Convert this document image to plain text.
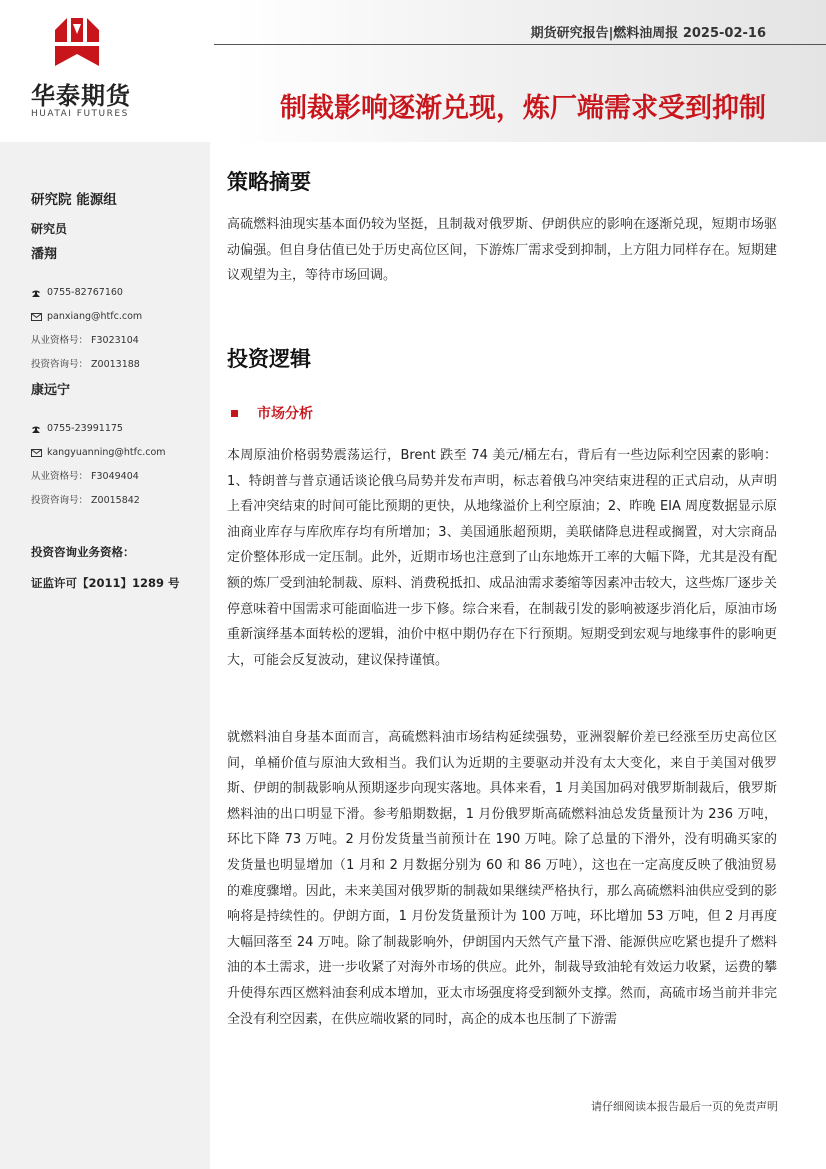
华泰期货
HUATAI FUTURES
期货研究报告|燃料油周报 2025-02-16
制裁影响逐渐兑现，炼厂端需求受到抑制
研究院 能源组
研究员
潘翔
0755-82767160
panxiang@htfc.com
从业资格号： F3023104
投资咨询号： Z0013188
康远宁
0755-23991175
kangyuanning@htfc.com
从业资格号： F3049404
投资咨询号： Z0015842
投资咨询业务资格：
证监许可【2011】1289 号
策略摘要
高硫燃料油现实基本面仍较为坚挺，且制裁对俄罗斯、伊朗供应的影响在逐渐兑现，短期市场驱动偏强。但自身估值已处于历史高位区间，下游炼厂需求受到抑制，上方阻力同样存在。短期建议观望为主，等待市场回调。
投资逻辑
市场分析
本周原油价格弱势震荡运行，Brent 跌至 74 美元/桶左右，背后有一些边际利空因素的影响：1、特朗普与普京通话谈论俄乌局势并发布声明，标志着俄乌冲突结束进程的正式启动，从声明上看冲突结束的时间可能比预期的更快，从地缘溢价上利空原油；2、昨晚 EIA 周度数据显示原油商业库存与库欣库存均有所增加；3、美国通胀超预期，美联储降息进程或搁置，对大宗商品定价整体形成一定压制。此外，近期市场也注意到了山东地炼开工率的大幅下降，尤其是没有配额的炼厂受到油轮制裁、原料、消费税抵扣、成品油需求萎缩等因素冲击较大，这些炼厂逐步关停意味着中国需求可能面临进一步下修。综合来看，在制裁引发的影响被逐步消化后，原油市场重新演绎基本面转松的逻辑，油价中枢中期仍存在下行预期。短期受到宏观与地缘事件的影响更大，可能会反复波动，建议保持谨慎。
就燃料油自身基本面而言，高硫燃料油市场结构延续强势，亚洲裂解价差已经涨至历史高位区间，单桶价值与原油大致相当。我们认为近期的主要驱动并没有太大变化，来自于美国对俄罗斯、伊朗的制裁影响从预期逐步向现实落地。具体来看，1 月美国加码对俄罗斯制裁后，俄罗斯燃料油的出口明显下滑。参考船期数据，1 月份俄罗斯高硫燃料油总发货量预计为 236 万吨，环比下降 73 万吨。2 月份发货量当前预计在 190 万吨。除了总量的下滑外，没有明确买家的发货量也明显增加（1 月和 2 月数据分别为 60 和 86 万吨），这也在一定高度反映了俄油贸易的难度骤增。因此，未来美国对俄罗斯的制裁如果继续严格执行，那么高硫燃料油供应受到的影响将是持续性的。伊朗方面，1 月份发货量预计为 100 万吨，环比增加 53 万吨，但 2 月再度大幅回落至 24 万吨。除了制裁影响外，伊朗国内天然气产量下滑、能源供应吃紧也提升了燃料油的本土需求，进一步收紧了对海外市场的供应。此外，制裁导致油轮有效运力收紧，运费的攀升使得东西区燃料油套利成本增加，亚太市场强度将受到额外支撑。然而，高硫市场当前并非完全没有利空因素，在供应端收紧的同时，高企的成本也压制了下游需
请仔细阅读本报告最后一页的免责声明
